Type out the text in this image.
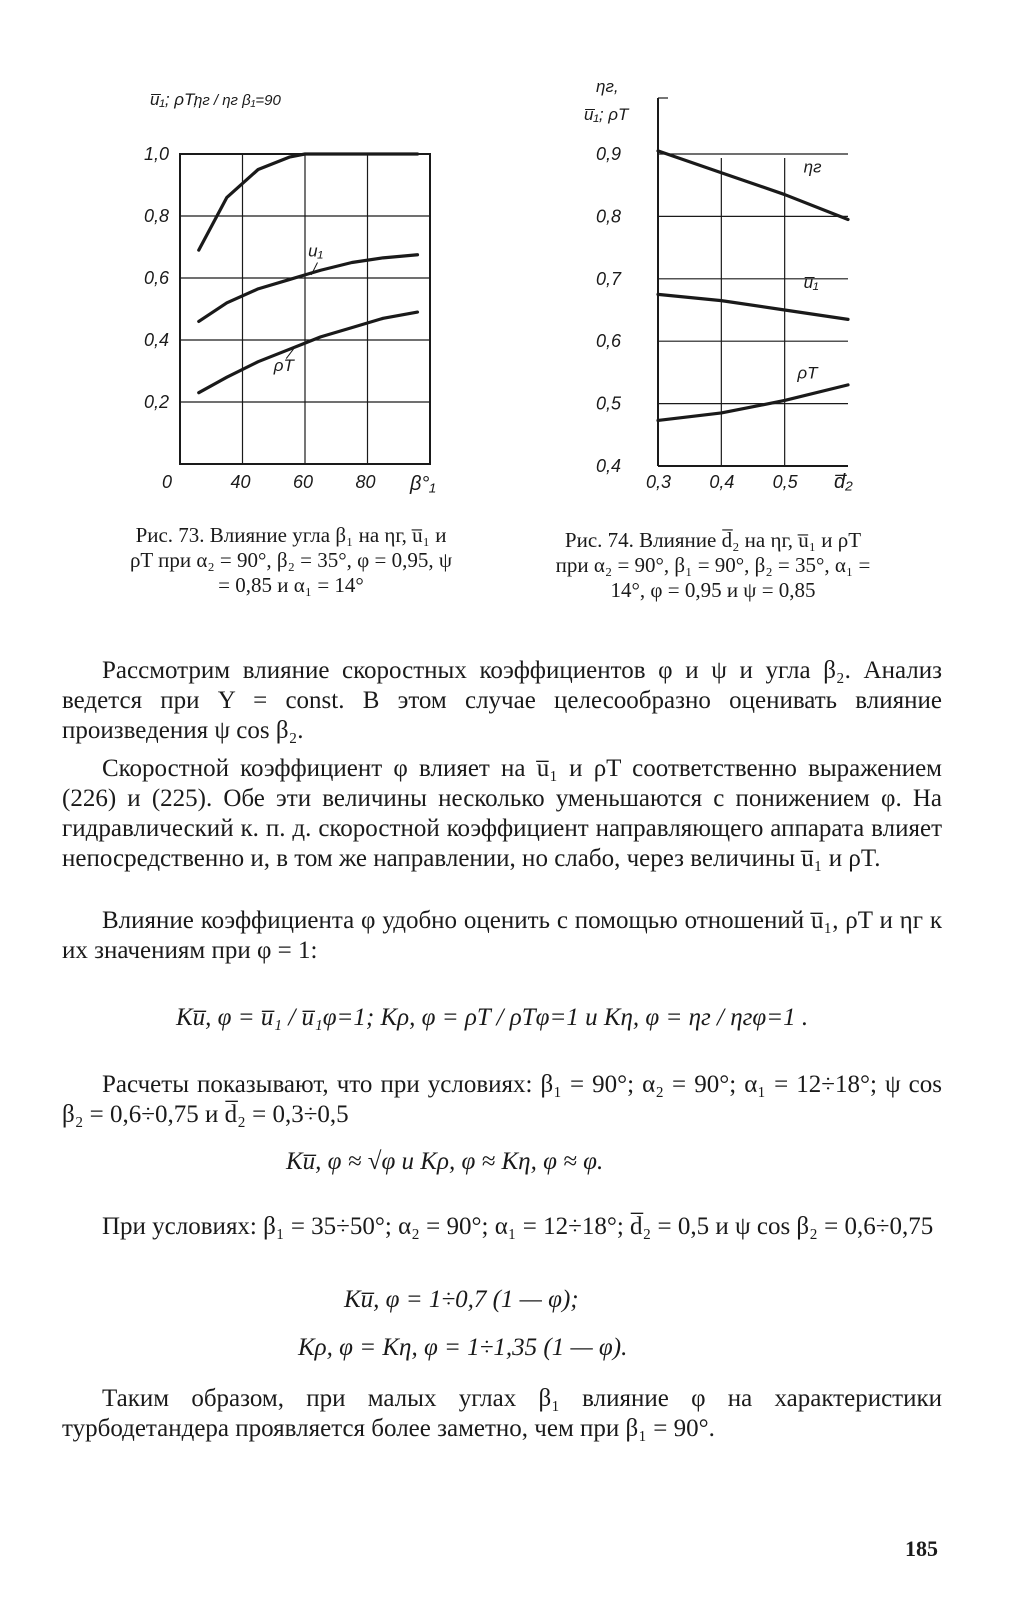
u̅₁; ρT;
ηг / ηг β₁=90
0	40 60 80
0,2
0,4
0,6
0,8
1,0
u₁
ρT
β°₁
ηг,
u̅₁; ρT
0,3 0,4 0,5
0,4
0,5
0,6
0,7
0,8
0,9
ηг
u̅₁
ρT
d̅₂
Рис. 73. Влияние угла β₁ на ηг, u̅₁ и ρT при α₂ = 90°, β₂ = 35°, φ = 0,95, ψ = 0,85 и α₁ = 14°
Рис. 74. Влияние d̅₂ на ηг, u̅₁ и ρT при α₂ = 90°, β₁ = 90°, β₂ = 35°, α₁ = 14°, φ = 0,95 и ψ = 0,85
Рассмотрим влияние скоростных коэффициентов φ и ψ и угла β₂. Анализ ведется при Y = const. В этом случае целесообразно оценивать влияние произведения ψ cos β₂.
Скоростной коэффициент φ влияет на u̅₁ и ρT соответственно выражением (226) и (225). Обе эти величины несколько уменьшаются с понижением φ. На гидравлический к. п. д. скоростной коэффициент направляющего аппарата влияет непосредственно и, в том же направлении, но слабо, через величины u̅₁ и ρT.
Влияние коэффициента φ удобно оценить с помощью отношений u̅₁, ρT и ηг к их значениям при φ = 1:
Ku̅, φ = u̅₁ / u̅₁φ=1; Kρ, φ = ρT / ρTφ=1 и Kη, φ = ηг / ηгφ=1 .
Расчеты показывают, что при условиях: β₁ = 90°; α₂ = 90°; α₁ = 12÷18°; ψ cos β₂ = 0,6÷0,75 и d̅₂ = 0,3÷0,5
Ku̅, φ ≈ √φ и Kρ, φ ≈ Kη, φ ≈ φ.
При условиях: β₁ = 35÷50°; α₂ = 90°; α₁ = 12÷18°; d̅₂ = 0,5 и ψ cos β₂ = 0,6÷0,75
Ku̅, φ = 1÷0,7 (1 — φ);
Kρ, φ = Kη, φ = 1÷1,35 (1 — φ).
Таким образом, при малых углах β₁ влияние φ на характеристики турбодетандера проявляется более заметно, чем при β₁ = 90°.
185
